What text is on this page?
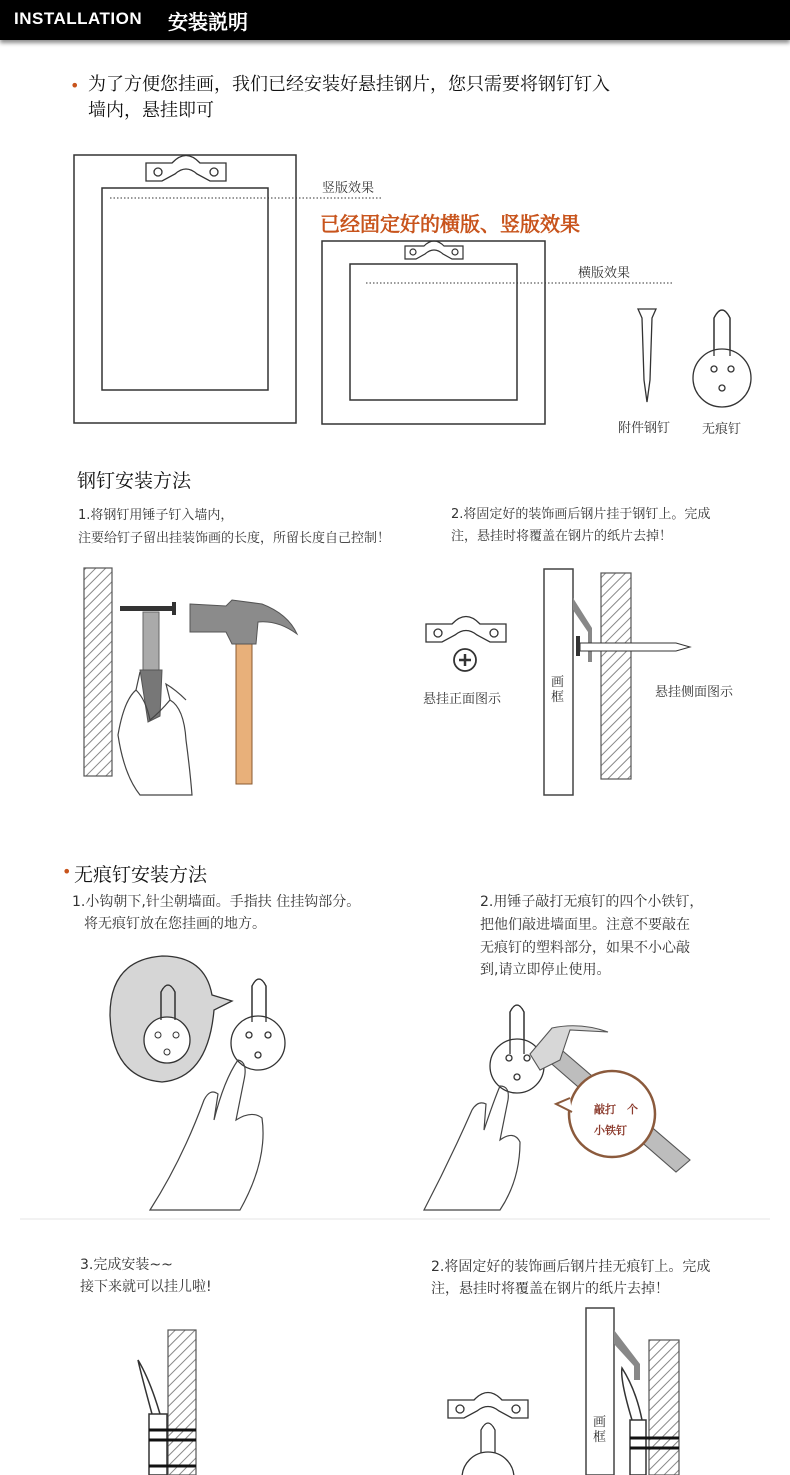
INSTALLATION 安装説明
• 为了方便您挂画，我们已经安装好悬挂钢片，您只需要将钢钉钉入
墙内，悬挂即可
竖版效果
已经固定好的横版、竖版效果
横版效果
附件钢钉 无痕钉
钢钉安装方法
1.将钢钉用锤子钉入墙内，
注要给钉子留出挂装饰画的长度，所留长度自己控制！
2.将固定好的装饰画后钢片挂于钢钉上。完成
注，悬挂时将覆盖在钢片的纸片去掉！
悬挂正面图示	悬挂侧面图示
画
框
• 无痕钉安装方法
1.小钩朝下,针尘朝墙面。手指扶 住挂钩部分。
将无痕钉放在您挂画的地方。
2.用锤子敲打无痕钉的四个小铁钉，
把他们敲进墙面里。注意不要敲在
无痕钉的塑料部分，如果不小心敲
到,请立即停止使用。
敲打　个
小铁钉
3.完成安装~~
接下来就可以挂儿啦!
2.将固定好的装饰画后钢片挂无痕钉上。完成
注，悬挂时将覆盖在钢片的纸片去掉！
画
框
